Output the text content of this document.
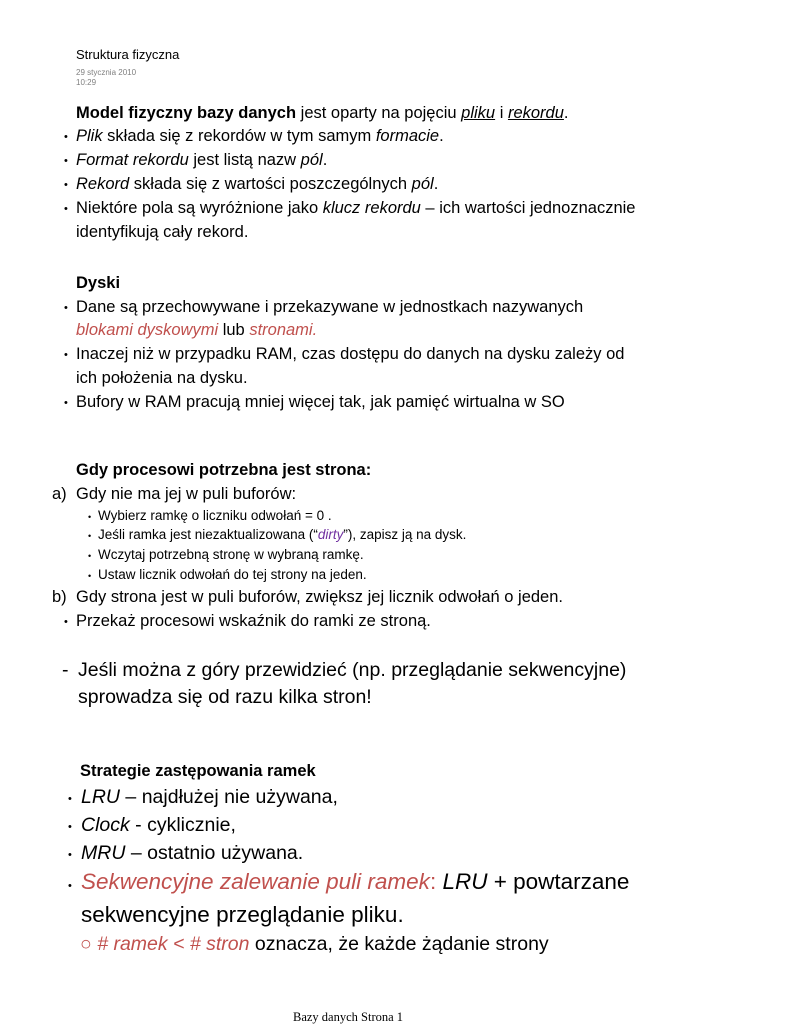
Struktura fizyczna
29 stycznia 2010
10:29
Model fizyczny bazy danych jest oparty na pojęciu pliku i rekordu.
• Plik składa się z rekordów w tym samym formacie.
• Format rekordu jest listą nazw pól.
• Rekord składa się z wartości poszczególnych pól.
• Niektóre pola są wyróżnione jako klucz rekordu – ich wartości jednoznacznie
identyfikują cały rekord.
Dyski
• Dane są przechowywane i przekazywane w jednostkach nazywanych
blokami dyskowymi lub stronami.
• Inaczej niż w przypadku RAM, czas dostępu do danych na dysku zależy od
ich położenia na dysku.
• Bufory w RAM pracują mniej więcej tak, jak pamięć wirtualna w SO
Gdy procesowi potrzebna jest strona:
a) Gdy nie ma jej w puli buforów:
• Wybierz ramkę o liczniku odwołań = 0 .
• Jeśli ramka jest niezaktualizowana (“dirty”), zapisz ją na dysk.
• Wczytaj potrzebną stronę w wybraną ramkę.
• Ustaw licznik odwołań do tej strony na jeden.
b) Gdy strona jest w puli buforów, zwiększ jej licznik odwołań o jeden.
• Przekaż procesowi wskaźnik do ramki ze stroną.
- Jeśli można z góry przewidzieć (np. przeglądanie sekwencyjne)
sprowadza się od razu kilka stron!
Strategie zastępowania ramek
• LRU – najdłużej nie używana,
• Clock - cyklicznie,
• MRU – ostatnio używana.
• Sekwencyjne zalewanie puli ramek: LRU + powtarzane
sekwencyjne przeglądanie pliku.
○ # ramek < # stron oznacza, że każde żądanie strony
Bazy danych Strona 1
